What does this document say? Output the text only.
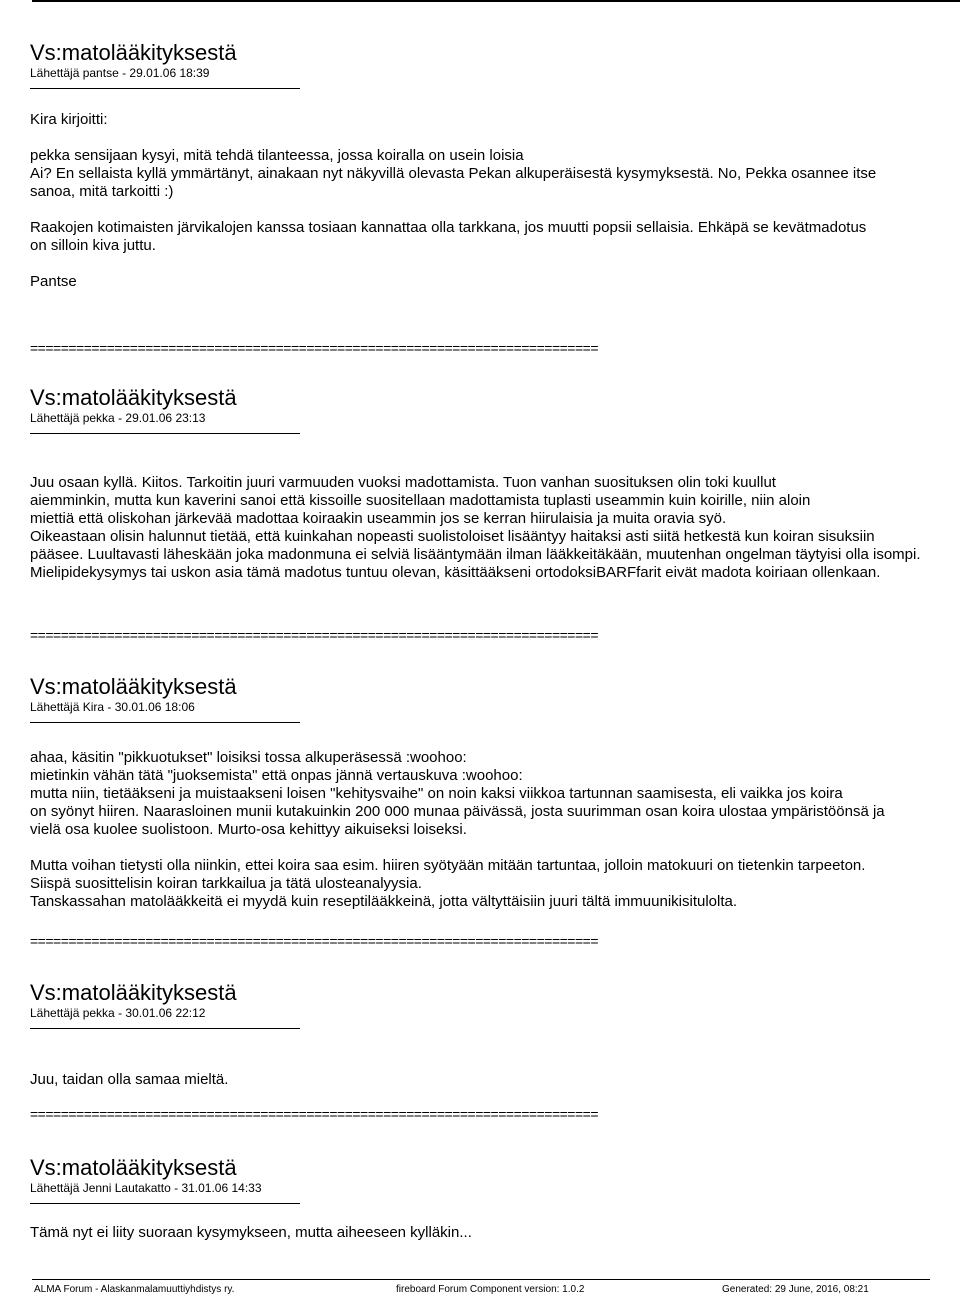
Vs:matolääkityksestä
Lähettäjä pantse - 29.01.06 18:39
Kira kirjoitti:
pekka sensijaan kysyi, mitä tehdä tilanteessa, jossa koiralla on usein loisia
Ai? En sellaista kyllä ymmärtänyt, ainakaan nyt näkyvillä olevasta Pekan alkuperäisestä kysymyksestä. No, Pekka osannee itse
sanoa, mitä tarkoitti :)
Raakojen kotimaisten järvikalojen kanssa tosiaan kannattaa olla tarkkana, jos muutti popsii sellaisia. Ehkäpä se kevätmadotus
on silloin kiva juttu.
Pantse
==========================================================================
Vs:matolääkityksestä
Lähettäjä pekka - 29.01.06 23:13
Juu osaan kyllä. Kiitos. Tarkoitin juuri varmuuden vuoksi madottamista. Tuon vanhan suosituksen olin toki kuullut
aiemminkin, mutta kun kaverini sanoi että kissoille suositellaan madottamista tuplasti useammin kuin koirille, niin aloin
miettiä että oliskohan järkevää madottaa koiraakin useammin jos se kerran hiirulaisia ja muita oravia syö.
Oikeastaan olisin halunnut tietää, että kuinkahan nopeasti suolistoloiset lisääntyy haitaksi asti siitä hetkestä kun koiran sisuksiin
pääsee. Luultavasti läheskään joka madonmuna ei selviä lisääntymään ilman lääkkeitäkään, muutenhan ongelman täytyisi olla isompi.
Mielipidekysymys tai uskon asia tämä madotus tuntuu olevan, käsittääkseni ortodoksiBARFfarit eivät madota koiriaan ollenkaan.
==========================================================================
Vs:matolääkityksestä
Lähettäjä Kira - 30.01.06 18:06
ahaa, käsitin "pikkuotukset" loisiksi tossa alkuperäsessä :woohoo:
mietinkin vähän tätä "juoksemista" että onpas jännä vertauskuva :woohoo:
mutta niin, tietääkseni ja muistaakseni loisen "kehitysvaihe" on noin kaksi viikkoa tartunnan saamisesta, eli vaikka jos koira
on syönyt hiiren. Naarasloinen munii kutakuinkin 200 000 munaa päivässä, josta suurimman osan koira ulostaa ympäristöönsä ja
vielä osa kuolee suolistoon. Murto-osa kehittyy aikuiseksi loiseksi.
Mutta voihan tietysti olla niinkin, ettei koira saa esim. hiiren syötyään mitään tartuntaa, jolloin matokuuri on tietenkin tarpeeton.
Siispä suosittelisin koiran tarkkailua ja tätä ulosteanalyysia.
Tanskassahan matolääkkeitä ei myydä kuin reseptilääkkeinä, jotta vältyttäisiin juuri tältä immuunikisitulolta.
==========================================================================
Vs:matolääkityksestä
Lähettäjä pekka - 30.01.06 22:12
Juu, taidan olla samaa mieltä.
==========================================================================
Vs:matolääkityksestä
Lähettäjä Jenni Lautakatto - 31.01.06 14:33
Tämä nyt ei liity suoraan kysymykseen, mutta aiheeseen kylläkin...
ALMA Forum - Alaskanmalamuuttiyhdistys ry.	fireboard Forum Component version: 1.0.2	Generated: 29 June, 2016, 08:21
